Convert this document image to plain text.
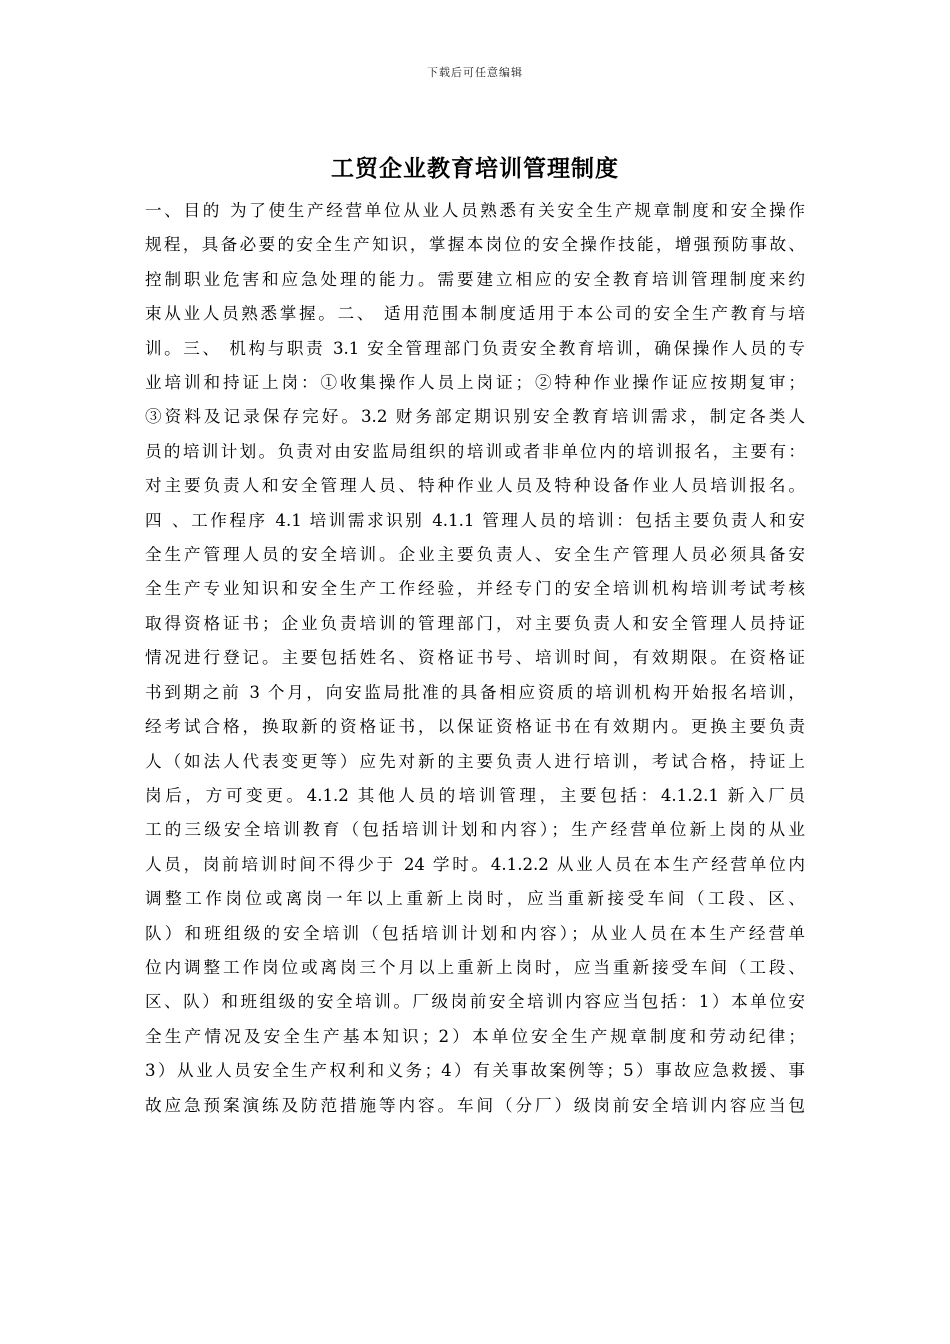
下载后可任意编辑
工贸企业教育培训管理制度
一、目的 为了使生产经营单位从业人员熟悉有关安全生产规章制度和安全操作
规程，具备必要的安全生产知识，掌握本岗位的安全操作技能，增强预防事故、
控制职业危害和应急处理的能力。需要建立相应的安全教育培训管理制度来约
束从业人员熟悉掌握。二、 适用范围本制度适用于本公司的安全生产教育与培
训。三、 机构与职责 3.1 安全管理部门负责安全教育培训，确保操作人员的专
业培训和持证上岗：①收集操作人员上岗证；②特种作业操作证应按期复审；
③资料及记录保存完好。3.2 财务部定期识别安全教育培训需求，制定各类人
员的培训计划。负责对由安监局组织的培训或者非单位内的培训报名，主要有：
对主要负责人和安全管理人员、特种作业人员及特种设备作业人员培训报名。
四 、工作程序 4.1 培训需求识别 4.1.1 管理人员的培训：包括主要负责人和安
全生产管理人员的安全培训。企业主要负责人、安全生产管理人员必须具备安
全生产专业知识和安全生产工作经验，并经专门的安全培训机构培训考试考核
取得资格证书；企业负责培训的管理部门，对主要负责人和安全管理人员持证
情况进行登记。主要包括姓名、资格证书号、培训时间，有效期限。在资格证
书到期之前 3 个月，向安监局批准的具备相应资质的培训机构开始报名培训，
经考试合格，换取新的资格证书，以保证资格证书在有效期内。更换主要负责
人（如法人代表变更等）应先对新的主要负责人进行培训，考试合格，持证上
岗后，方可变更。4.1.2 其他人员的培训管理，主要包括：4.1.2.1 新入厂员
工的三级安全培训教育（包括培训计划和内容）；生产经营单位新上岗的从业
人员，岗前培训时间不得少于 24 学时。4.1.2.2 从业人员在本生产经营单位内
调整工作岗位或离岗一年以上重新上岗时，应当重新接受车间（工段、区、
队）和班组级的安全培训（包括培训计划和内容）；从业人员在本生产经营单
位内调整工作岗位或离岗三个月以上重新上岗时，应当重新接受车间（工段、
区、队）和班组级的安全培训。厂级岗前安全培训内容应当包括：1）本单位安
全生产情况及安全生产基本知识；2）本单位安全生产规章制度和劳动纪律；
3）从业人员安全生产权利和义务；4）有关事故案例等；5）事故应急救援、事
故应急预案演练及防范措施等内容。车间（分厂）级岗前安全培训内容应当包
